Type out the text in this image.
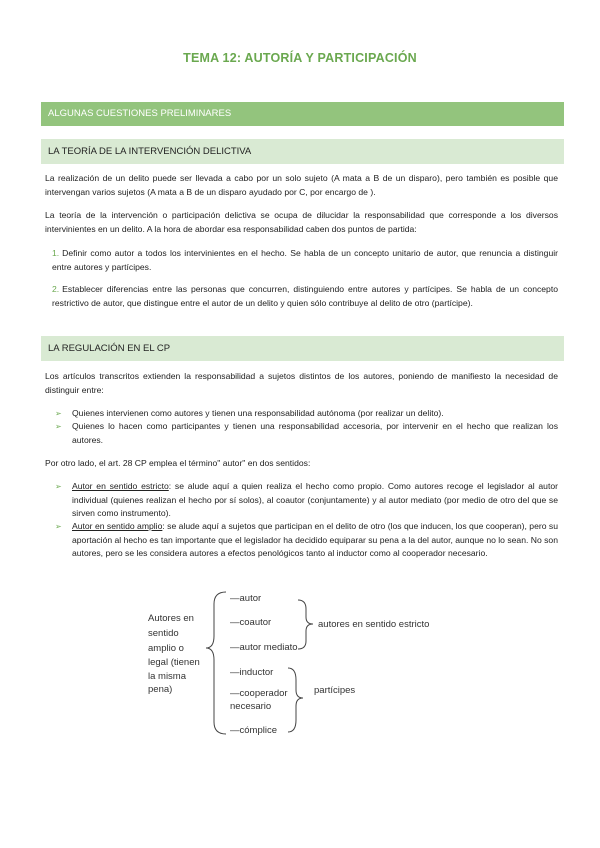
TEMA 12: AUTORÍA Y PARTICIPACIÓN
ALGUNAS CUESTIONES PRELIMINARES
LA TEORÍA DE LA INTERVENCIÓN DELICTIVA

La realización de un delito puede ser llevada a cabo por un solo sujeto (A mata a B de un disparo), pero también es posible que intervengan varios sujetos (A mata a B de un disparo ayudado por C, por encargo de ).

La teoría de la intervención o participación delictiva se ocupa de dilucidar la responsabilidad que corresponde a los diversos intervinientes en un delito. A la hora de abordar esa responsabilidad caben dos puntos de partida:

1. Definir como autor a todos los intervinientes en el hecho. Se habla de un concepto unitario de autor, que renuncia a distinguir entre autores y partícipes.

2. Establecer diferencias entre las personas que concurren, distinguiendo entre autores y partícipes. Se habla de un concepto restrictivo de autor, que distingue entre el autor de un delito y quien sólo contribuye al delito de otro (partícipe).

LA REGULACIÓN EN EL CP

Los artículos transcritos extienden la responsabilidad a sujetos distintos de los autores, poniendo de manifiesto la necesidad de distinguir entre:

➢ Quienes intervienen como autores y tienen una responsabilidad autónoma (por realizar un delito).
➢ Quienes lo hacen como participantes y tienen una responsabilidad accesoria, por intervenir en el hecho que realizan los autores.

Por otro lado, el art. 28 CP emplea el término" autor" en dos sentidos:

➢ Autor en sentido estricto: se alude aquí a quien realiza el hecho como propio. Como autores recoge el legislador al autor individual (quienes realizan el hecho por sí solos), al coautor (conjuntamente) y al autor mediato (por medio de otro del que se sirven como instrumento).
➢ Autor en sentido amplio: se alude aquí a sujetos que participan en el delito de otro (los que inducen, los que cooperan), pero su aportación al hecho es tan importante que el legislador ha decidido equiparar su pena a la del autor, aunque no lo sean. No son autores, pero se les considera autores a efectos penológicos tanto al inductor como al cooperador necesario.
Autores en
sentido
amplio o
legal (tienen
la misma
pena)
—autor
—coautor
—autor mediato
—inductor
—cooperador
necesario
—cómplice
autores en sentido estricto
partícipes
